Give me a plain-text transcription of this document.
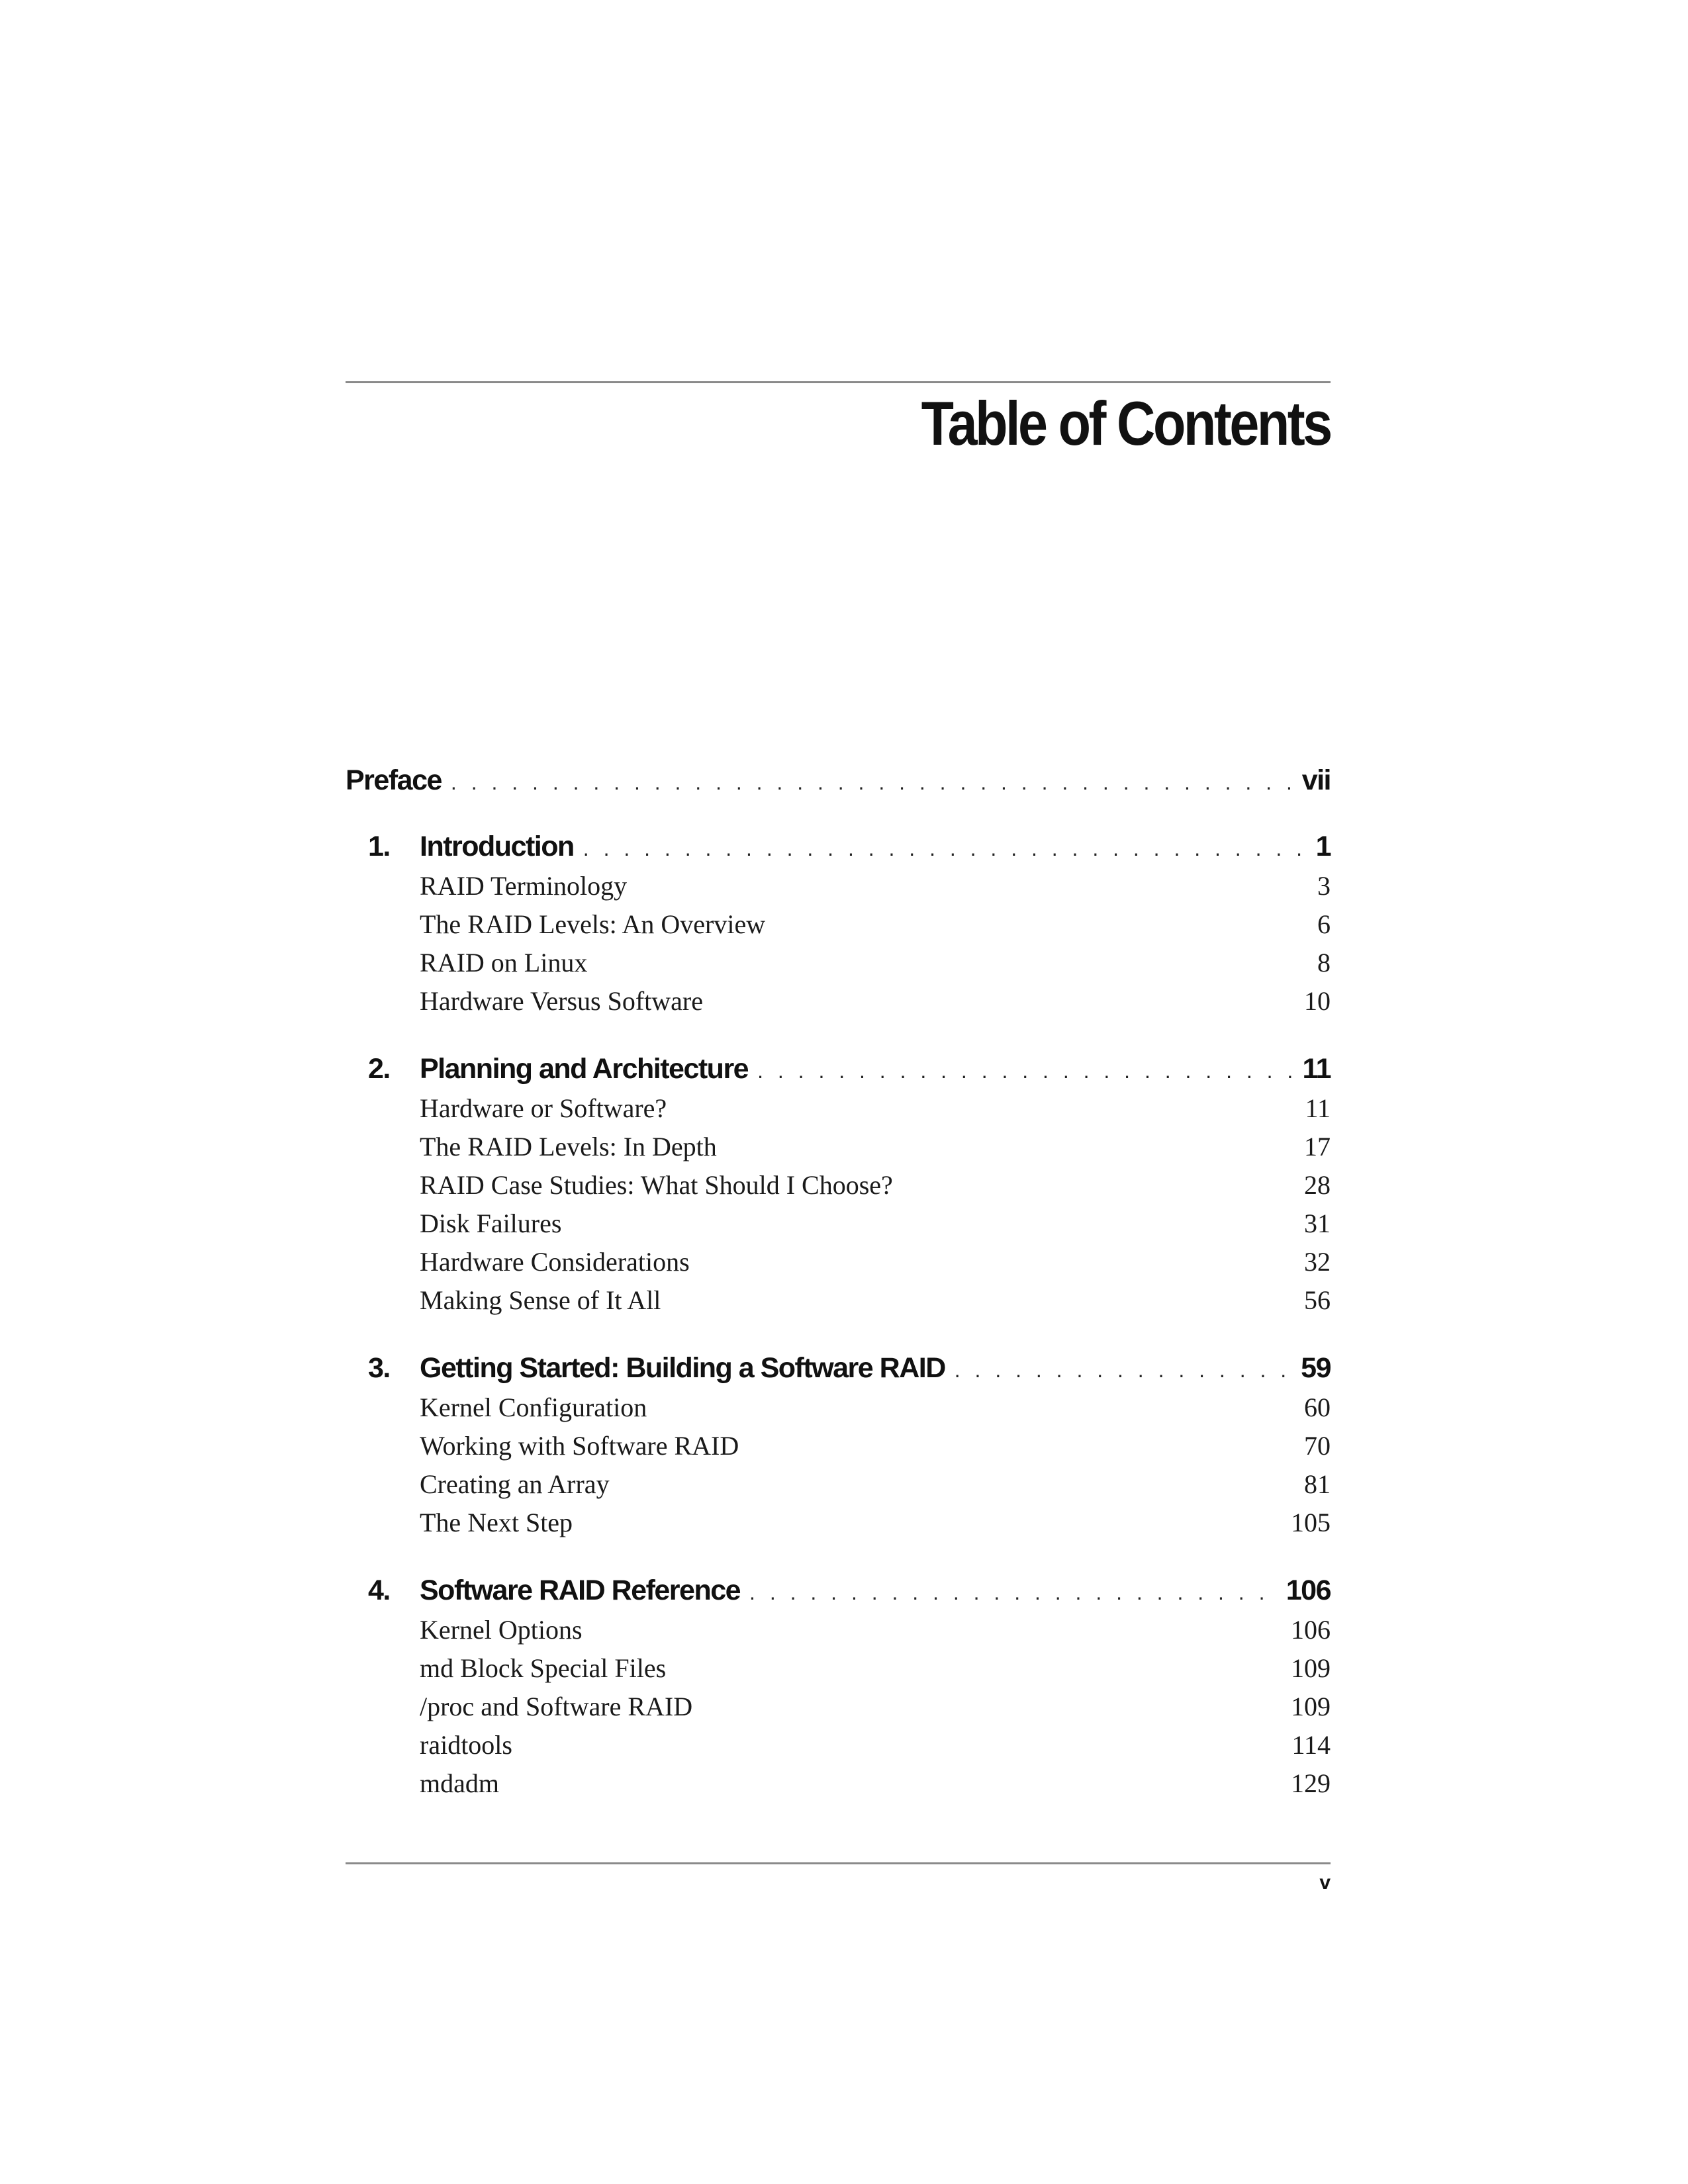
Table of Contents
Preface . . .	vii
1.	Introduction . . .	1
RAID Terminology	3
The RAID Levels: An Overview	6
RAID on Linux	8
Hardware Versus Software	10
2.	Planning and Architecture . . .	11
Hardware or Software?	11
The RAID Levels: In Depth	17
RAID Case Studies: What Should I Choose?	28
Disk Failures	31
Hardware Considerations	32
Making Sense of It All	56
3.	Getting Started: Building a Software RAID . . .	59
Kernel Configuration	60
Working with Software RAID	70
Creating an Array	81
The Next Step	105
4.	Software RAID Reference . . .	106
Kernel Options	106
md Block Special Files	109
/proc and Software RAID	109
raidtools	114
mdadm	129
v
